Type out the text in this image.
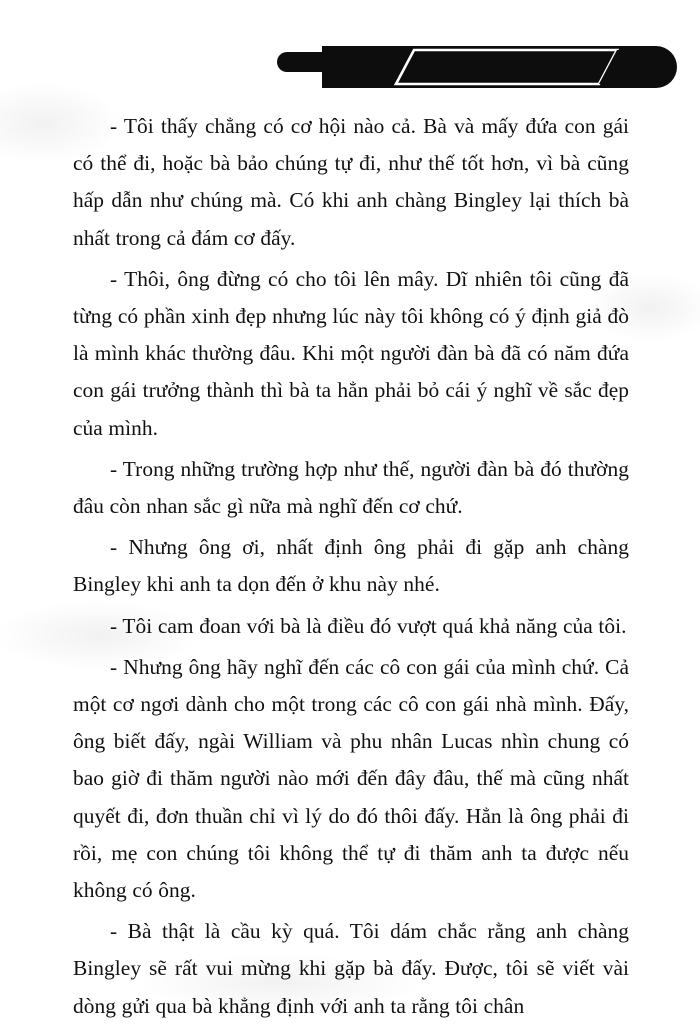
JANE AUSTEN

- Tôi thấy chẳng có cơ hội nào cả. Bà và mấy đứa con gái có thể đi, hoặc bà bảo chúng tự đi, như thế tốt hơn, vì bà cũng hấp dẫn như chúng mà. Có khi anh chàng Bingley lại thích bà nhất trong cả đám cơ đấy.

- Thôi, ông đừng có cho tôi lên mây. Dĩ nhiên tôi cũng đã từng có phần xinh đẹp nhưng lúc này tôi không có ý định giả đò là mình khác thường đâu. Khi một người đàn bà đã có năm đứa con gái trưởng thành thì bà ta hẳn phải bỏ cái ý nghĩ về sắc đẹp của mình.

- Trong những trường hợp như thế, người đàn bà đó thường đâu còn nhan sắc gì nữa mà nghĩ đến cơ chứ.

- Nhưng ông ơi, nhất định ông phải đi gặp anh chàng Bingley khi anh ta dọn đến ở khu này nhé.

- Tôi cam đoan với bà là điều đó vượt quá khả năng của tôi.

- Nhưng ông hãy nghĩ đến các cô con gái của mình chứ. Cả một cơ ngơi dành cho một trong các cô con gái nhà mình. Đấy, ông biết đấy, ngài William và phu nhân Lucas nhìn chung có bao giờ đi thăm người nào mới đến đây đâu, thế mà cũng nhất quyết đi, đơn thuần chỉ vì lý do đó thôi đấy. Hẳn là ông phải đi rồi, mẹ con chúng tôi không thể tự đi thăm anh ta được nếu không có ông.

- Bà thật là cầu kỳ quá. Tôi dám chắc rằng anh chàng Bingley sẽ rất vui mừng khi gặp bà đấy. Được, tôi sẽ viết vài dòng gửi qua bà khẳng định với anh ta rằng tôi chân
